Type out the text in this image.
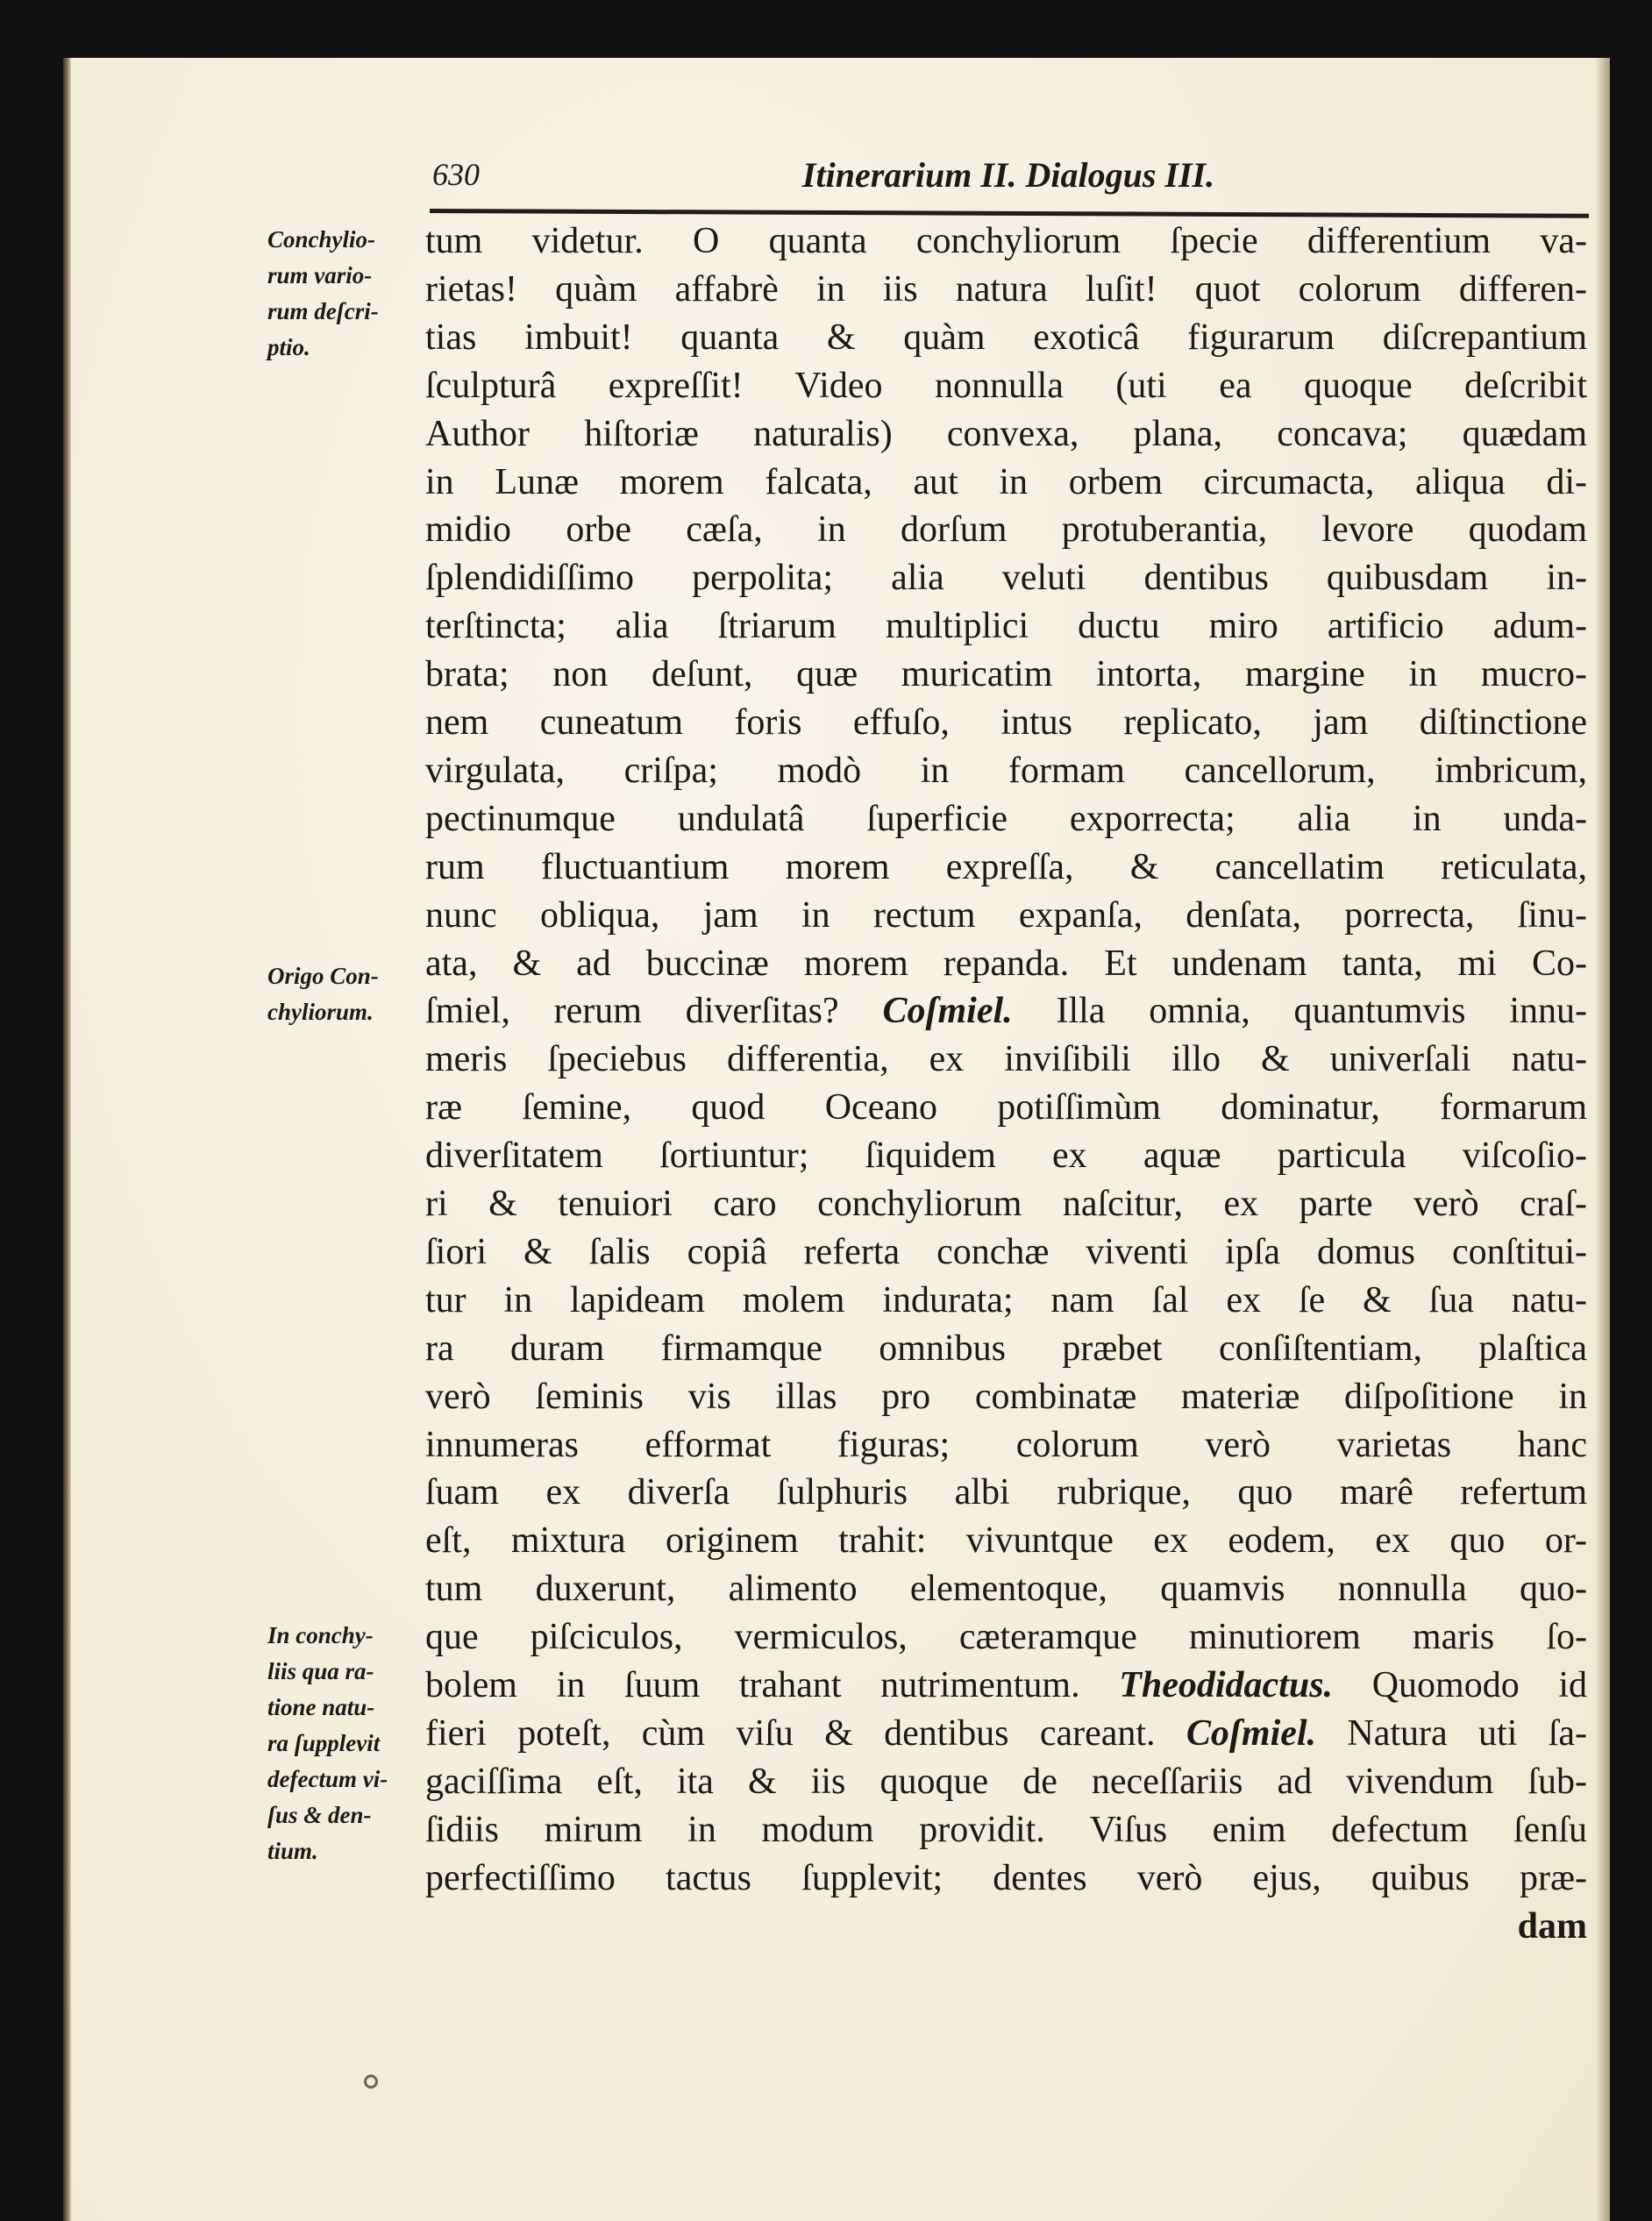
630	Itinerarium II. Dialogus III.
Conchylio-
rum vario-
rum deſcri-
ptio.
Origo Con-
chyliorum.
In conchy-
liis qua ra-
tione natu-
ra ſupplevit
defectum vi-
ſus & den-
tium.
tum videtur. O quanta conchyliorum ſpecie differentium va-
rietas! quàm affabrè in iis natura luſit! quot colorum differen-
tias imbuit! quanta & quàm exoticâ figurarum diſcrepantium
ſculpturâ expreſſit! Video nonnulla (uti ea quoque deſcribit
Author hiſtoriæ naturalis) convexa, plana, concava; quædam
in Lunæ morem falcata, aut in orbem circumacta, aliqua di-
midio orbe cæſa, in dorſum protuberantia, levore quodam
ſplendidiſſimo perpolita; alia veluti dentibus quibusdam in-
terſtincta; alia ſtriarum multiplici ductu miro artificio adum-
brata; non deſunt, quæ muricatim intorta, margine in mucro-
nem cuneatum foris effuſo, intus replicato, jam diſtinctione
virgulata, criſpa; modò in formam cancellorum, imbricum,
pectinumque undulatâ ſuperficie exporrecta; alia in unda-
rum fluctuantium morem expreſſa, & cancellatim reticulata,
nunc obliqua, jam in rectum expanſa, denſata, porrecta, ſinu-
ata, & ad buccinæ morem repanda. Et undenam tanta, mi Co-
ſmiel, rerum diverſitas? Coſmiel. Illa omnia, quantumvis innu-
meris ſpeciebus differentia, ex inviſibili illo & univerſali natu-
ræ ſemine, quod Oceano potiſſimùm dominatur, formarum
diverſitatem ſortiuntur; ſiquidem ex aquæ particula viſcoſio-
ri & tenuiori caro conchyliorum naſcitur, ex parte verò craſ-
ſiori & ſalis copiâ referta conchæ viventi ipſa domus conſtitui-
tur in lapideam molem indurata; nam ſal ex ſe & ſua natu-
ra duram firmamque omnibus præbet conſiſtentiam, plaſtica
verò ſeminis vis illas pro combinatæ materiæ diſpoſitione in
innumeras efformat figuras; colorum verò varietas hanc
ſuam ex diverſa ſulphuris albi rubrique, quo marê refertum
eſt, mixtura originem trahit: vivuntque ex eodem, ex quo or-
tum duxerunt, alimento elementoque, quamvis nonnulla quo-
que piſciculos, vermiculos, cæteramque minutiorem maris ſo-
bolem in ſuum trahant nutrimentum. Theodidactus. Quomodo id
fieri poteſt, cùm viſu & dentibus careant. Coſmiel. Natura uti ſa-
gaciſſima eſt, ita & iis quoque de neceſſariis ad vivendum ſub-
ſidiis mirum in modum providit. Viſus enim defectum ſenſu
perfectiſſimo tactus ſupplevit; dentes verò ejus, quibus præ-
dam
